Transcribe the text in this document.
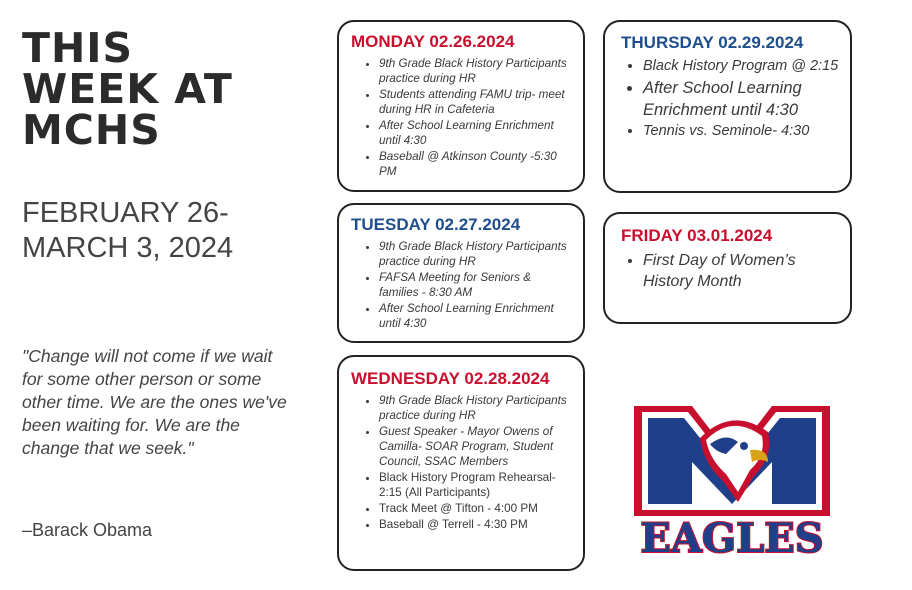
THIS
WEEK AT
MCHS
FEBRUARY 26-
MARCH 3, 2024
"Change will not come if we wait for some other person or some other time. We are the ones we've been waiting for. We are the change that we seek."
–Barack Obama
MONDAY 02.26.2024
• 9th Grade Black History Participants practice during HR
• Students attending FAMU trip- meet during HR in Cafeteria
• After School Learning Enrichment until 4:30
• Baseball @ Atkinson County -5:30 PM
TUESDAY 02.27.2024
• 9th Grade Black History Participants practice during HR
• FAFSA Meeting for Seniors & families - 8:30 AM
• After School Learning Enrichment until 4:30
WEDNESDAY 02.28.2024
• 9th Grade Black History Participants practice during HR
• Guest Speaker - Mayor Owens of Camilla- SOAR Program, Student Council, SSAC Members
• Black History Program Rehearsal- 2:15 (All Participants)
• Track Meet @ Tifton - 4:00 PM
• Baseball @ Terrell - 4:30 PM
THURSDAY 02.29.2024
• Black History Program @ 2:15
• After School Learning Enrichment until 4:30
• Tennis vs. Seminole- 4:30
FRIDAY 03.01.2024
• First Day of Women’s History Month
EAGLES
